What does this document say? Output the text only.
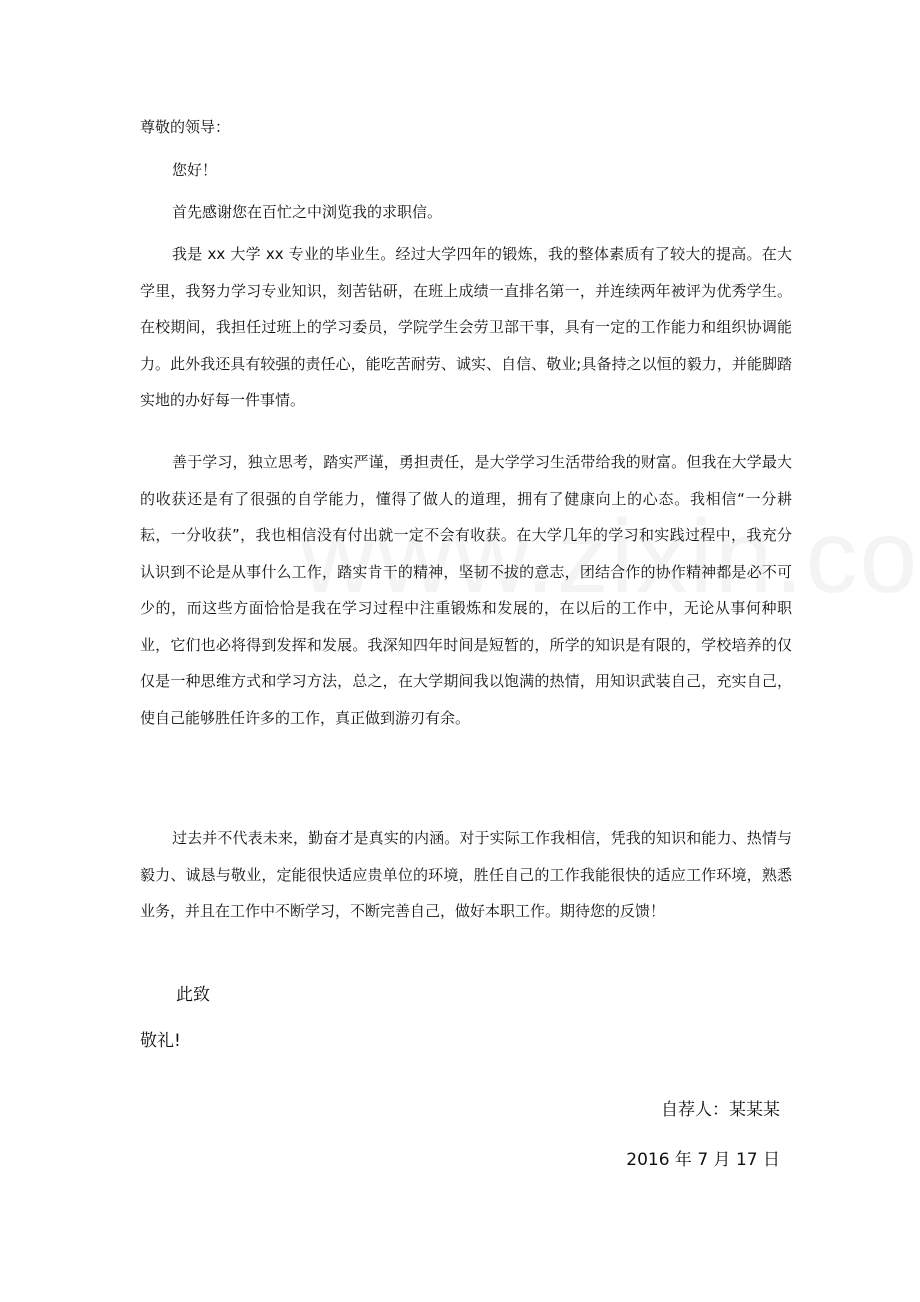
尊敬的领导：

您好！

首先感谢您在百忙之中浏览我的求职信。

我是 xx 大学 xx 专业的毕业生。经过大学四年的锻炼，我的整体素质有了较大的提高。在大学里，我努力学习专业知识，刻苦钻研，在班上成绩一直排名第一，并连续两年被评为优秀学生。在校期间，我担任过班上的学习委员，学院学生会劳卫部干事，具有一定的工作能力和组织协调能力。此外我还具有较强的责任心，能吃苦耐劳、诚实、自信、敬业;具备持之以恒的毅力，并能脚踏实地的办好每一件事情。

善于学习，独立思考，踏实严谨，勇担责任，是大学学习生活带给我的财富。但我在大学最大的收获还是有了很强的自学能力，懂得了做人的道理，拥有了健康向上的心态。我相信“一分耕耘，一分收获”，我也相信没有付出就一定不会有收获。在大学几年的学习和实践过程中，我充分认识到不论是从事什么工作，踏实肯干的精神，坚韧不拔的意志，团结合作的协作精神都是必不可少的，而这些方面恰恰是我在学习过程中注重锻炼和发展的，在以后的工作中，无论从事何种职业，它们也必将得到发挥和发展。我深知四年时间是短暂的，所学的知识是有限的，学校培养的仅仅是一种思维方式和学习方法，总之，在大学期间我以饱满的热情，用知识武装自己，充实自己，使自己能够胜任许多的工作，真正做到游刃有余。

过去并不代表未来，勤奋才是真实的内涵。对于实际工作我相信，凭我的知识和能力、热情与毅力、诚恳与敬业，定能很快适应贵单位的环境，胜任自己的工作我能很快的适应工作环境，熟悉业务，并且在工作中不断学习，不断完善自己，做好本职工作。期待您的反馈！

此致
敬礼!
自荐人：某某某
2016 年 7 月 17 日
